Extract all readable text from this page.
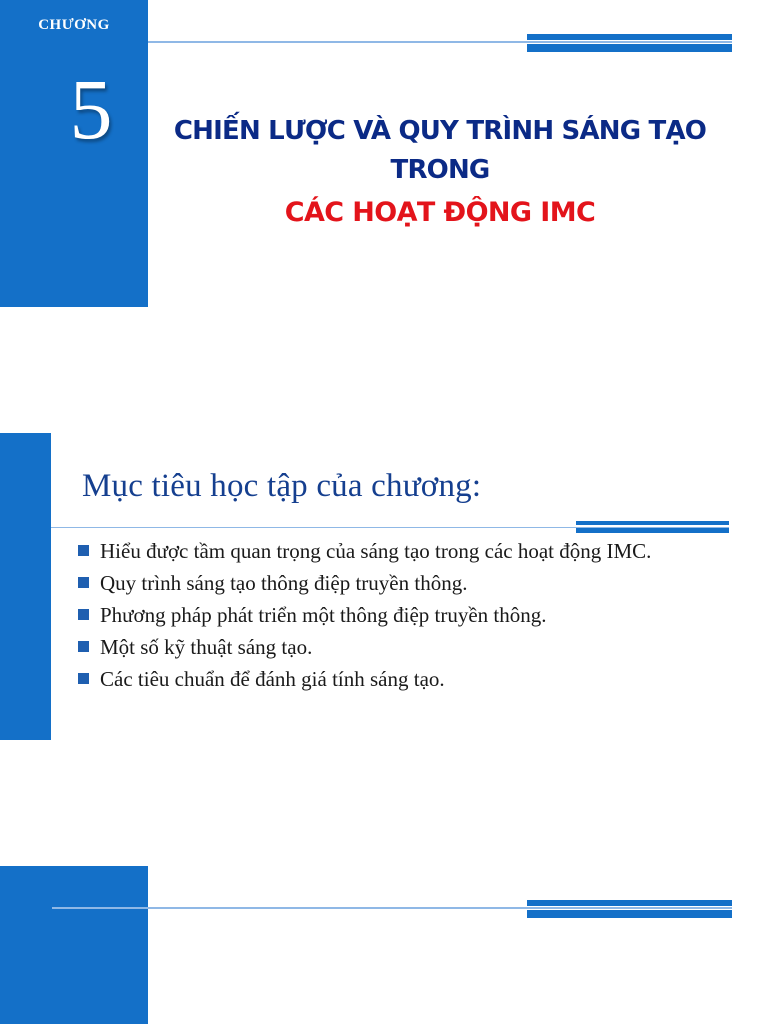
CHƯƠNG
5	CHIẾN LƯỢC VÀ QUY TRÌNH SÁNG TẠO
TRONG
CÁC HOẠT ĐỘNG IMC
Mục tiêu học tập của chương:
Hiểu được tầm quan trọng của sáng tạo trong các hoạt động IMC.
Quy trình sáng tạo thông điệp truyền thông.
Phương pháp phát triển một thông điệp truyền thông.
Một số kỹ thuật sáng tạo.
Các tiêu chuẩn để đánh giá tính sáng tạo.
